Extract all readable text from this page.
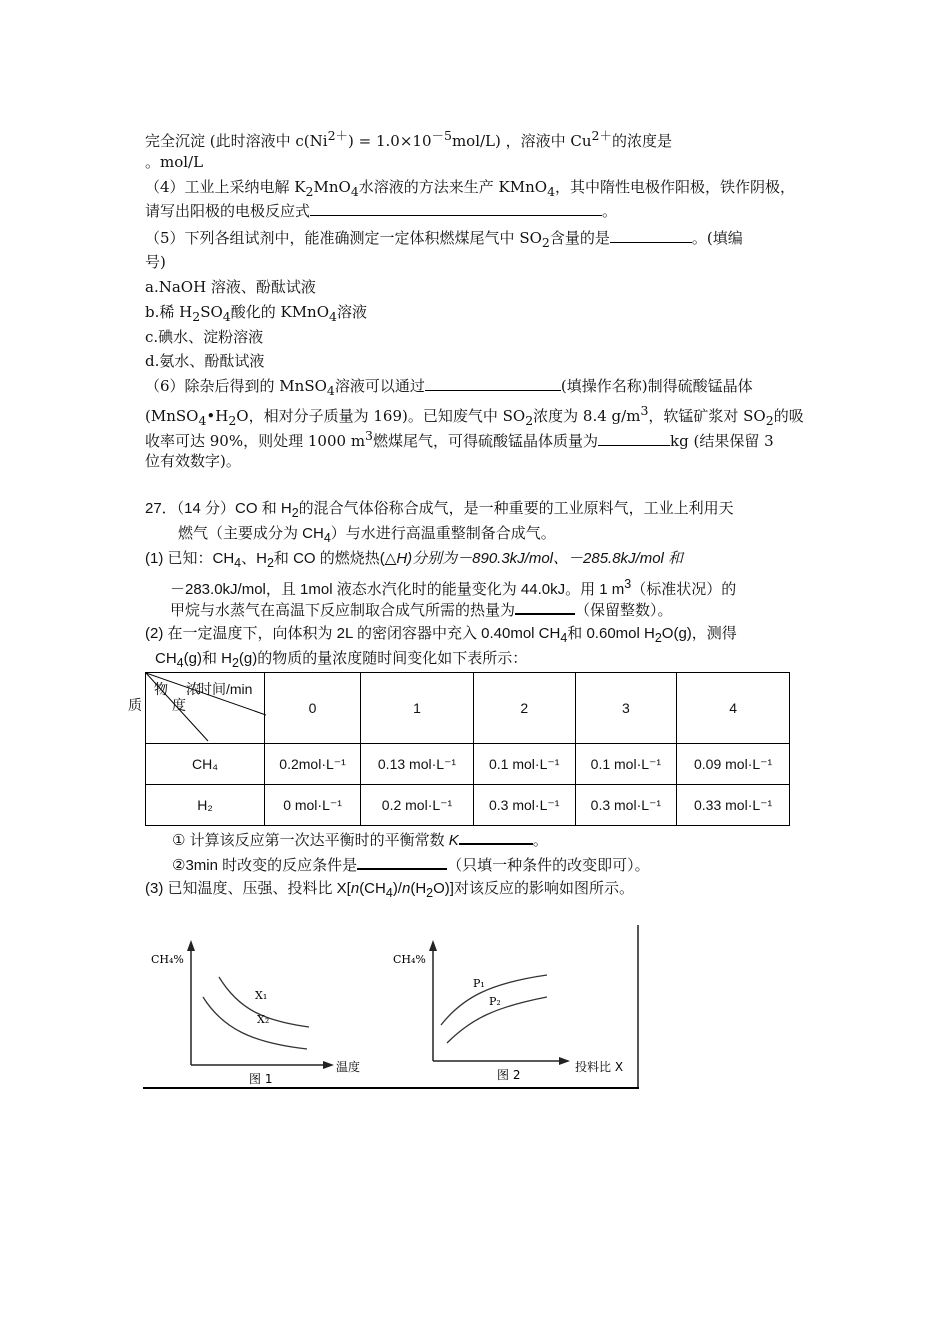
完全沉淀 (此时溶液中 $c(Ni^{2+}) = 1.0\times 10^{-5}mol/L$) ，溶液中 $Cu^{2+}$的浓度是
。mol/L
（4）工业上采纳电解 $K_2MnO_4$水溶液的方法来生产 KMnO$_4$，其中隋性电极作阳极，铁作阴极，
请写出阳极的电极反应式	。
（5）下列各组试剂中，能准确测定一定体积燃煤尾气中 $SO_2$含量的是	。(填编
号)
a.NaOH 溶液、酚酞试液
b.稀 $H_2SO_4$酸化的 KMnO$_4$溶液
c.碘水、淀粉溶液
d.氨水、酚酞试液
（6）除杂后得到的 MnSO$_4$溶液可以通过	(填操作名称)制得硫酸锰晶体
($MnSO_4•H_2O$，相对分子质量为 169)。已知废气中 $SO_2$浓度为 8.4 $g/m^3$，软锰矿浆对 $SO_2$的吸
收率可达 90%，则处理 1000 $m^3$燃煤尾气，可得硫酸锰晶体质量为	kg (结果保留 3
位有效数字)。
27．（14 分）CO 和 $H_2$的混合气体俗称合成气，是一种重要的工业原料气，工业上利用天
燃气（主要成分为 $CH_4$）与水进行高温重整制备合成气。
(1) 已知：$CH_4$、$H_2$和 CO 的燃烧热(△H)分别为－890.3kJ/mol、－285.8kJ/mol 和
－283.0kJ/mol，且 1mol 液态水汽化时的能量变化为 44.0kJ。用 1 $m^3$（标准状况）的
甲烷与水蒸气在高温下反应制取合成气所需的热量为	（保留整数）。
(2) 在一定温度下，向体积为 2L 的密闭容器中充入 0.40mol $CH_4$和 0.60mol $H_2O(g)$，测得
$CH_4(g)$和 $H_2(g)$的物质的量浓度随时间变化如下表所示：
时间/min
物 浓
质 度	0	1	2	3	4
CH₄	0.2mol·L⁻¹	0.13 mol·L⁻¹	0.1 mol·L⁻¹	0.1 mol·L⁻¹	0.09 mol·L⁻¹
H₂	0 mol·L⁻¹	0.2 mol·L⁻¹	0.3 mol·L⁻¹	0.3 mol·L⁻¹	0.33 mol·L⁻¹
① 计算该反应第一次达平衡时的平衡常数 K	。
②3min 时改变的反应条件是	（只填一种条件的改变即可）。
(3) 已知温度、压强、投料比 $X[n(CH_4)/n(H_2O)]$对该反应的影响如图所示。
CH₄%
X₁
X₂
温度
图 1
CH₄%
P₁
P₂
投料比 X
图 2
